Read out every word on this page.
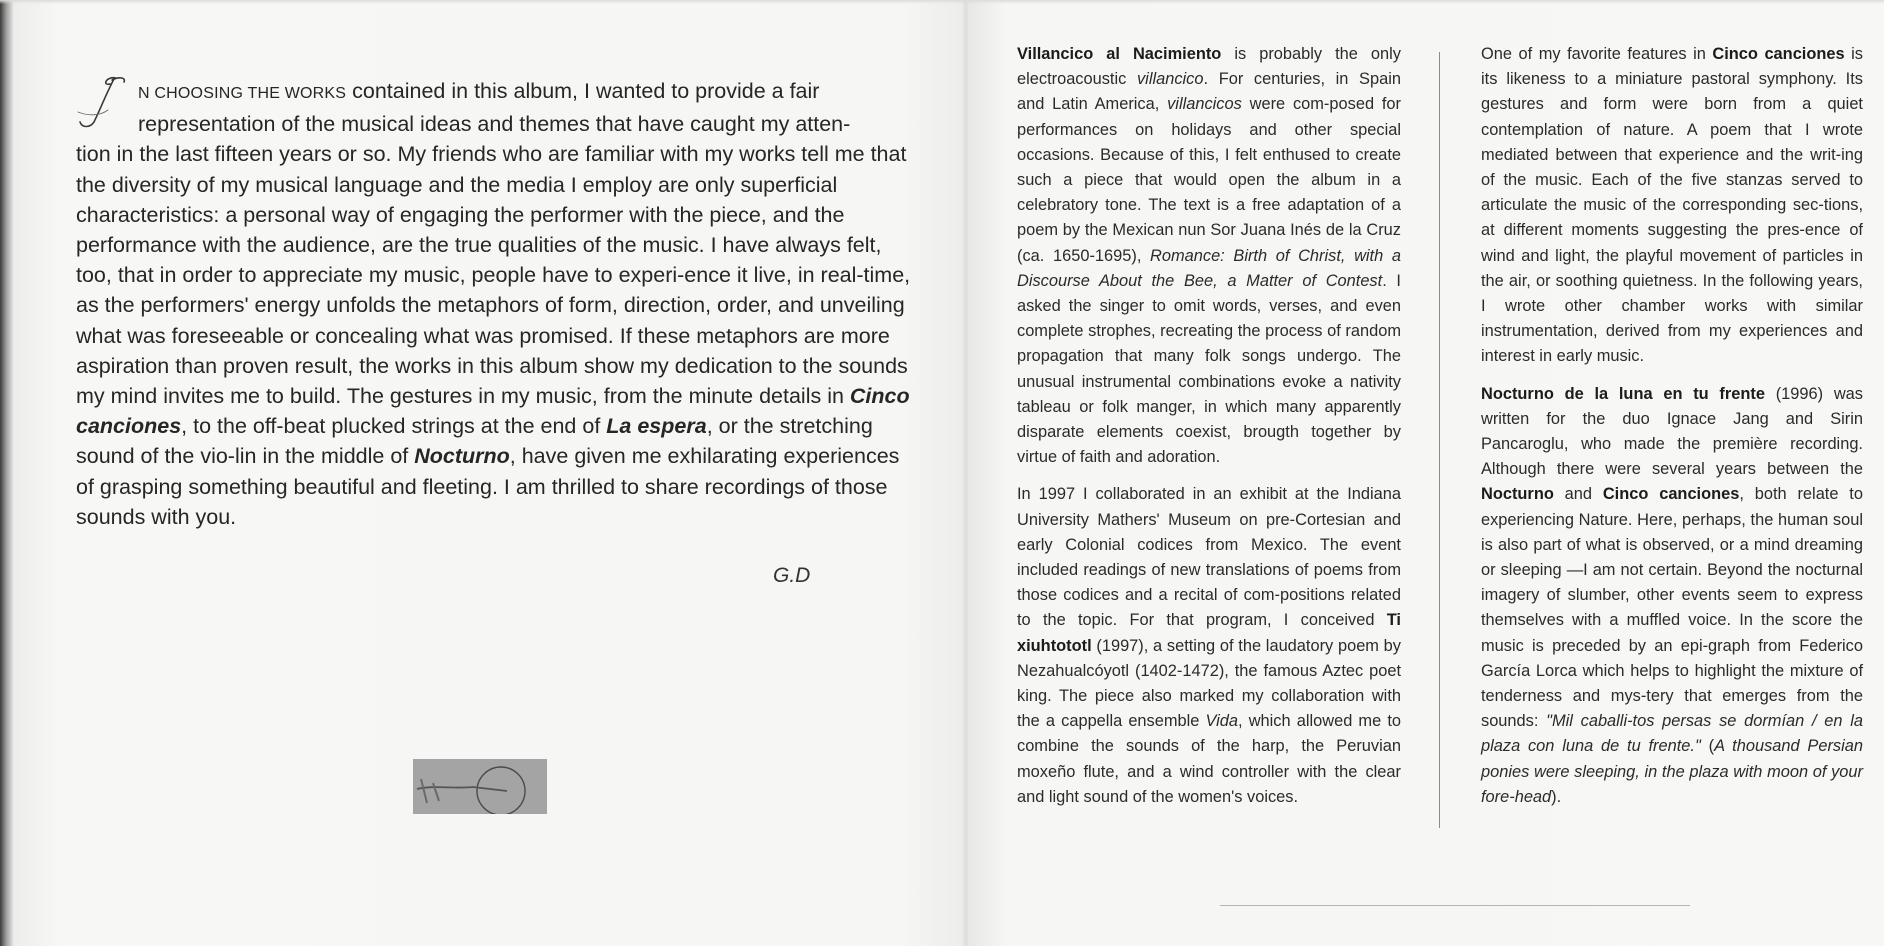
N CHOOSING THE WORKS contained in this album, I wanted to provide a fair
representation of the musical ideas and themes that have caught my atten-
tion in the last fifteen years or so. My friends who are familiar with my works tell me that the diversity of my musical language and the media I employ are only superficial characteristics: a personal way of engaging the performer with the piece, and the performance with the audience, are the true qualities of the music. I have always felt, too, that in order to appreciate my music, people have to experi-ence it live, in real-time, as the performers' energy unfolds the metaphors of form, direction, order, and unveiling what was foreseeable or concealing what was promised. If these metaphors are more aspiration than proven result, the works in this album show my dedication to the sounds my mind invites me to build. The gestures in my music, from the minute details in Cinco canciones, to the off-beat plucked strings at the end of La espera, or the stretching sound of the vio-lin in the middle of Nocturno, have given me exhilarating experiences of grasping something beautiful and fleeting. I am thrilled to share recordings of those sounds with you.
G.D

Villancico al Nacimiento is probably the only electroacoustic villancico. For centuries, in Spain and Latin America, villancicos were com-posed for performances on holidays and other special occasions. Because of this, I felt enthused to create such a piece that would open the album in a celebratory tone. The text is a free adaptation of a poem by the Mexican nun Sor Juana Inés de la Cruz (ca. 1650-1695), Romance: Birth of Christ, with a Discourse About the Bee, a Matter of Contest. I asked the singer to omit words, verses, and even complete strophes, recreating the process of random propagation that many folk songs undergo. The unusual instrumental combinations evoke a nativity tableau or folk manger, in which many apparently disparate elements coexist, brougth together by virtue of faith and adoration.

In 1997 I collaborated in an exhibit at the Indiana University Mathers' Museum on pre-Cortesian and early Colonial codices from Mexico. The event included readings of new translations of poems from those codices and a recital of com-positions related to the topic. For that program, I conceived Ti xiuhtototl (1997), a setting of the laudatory poem by Nezahualcóyotl (1402-1472), the famous Aztec poet king. The piece also marked my collaboration with the a cappella ensemble Vida, which allowed me to combine the sounds of the harp, the Peruvian moxeño flute, and a wind controller with the clear and light sound of the women's voices.

One of my favorite features in Cinco canciones is its likeness to a miniature pastoral symphony. Its gestures and form were born from a quiet contemplation of nature. A poem that I wrote mediated between that experience and the writ-ing of the music. Each of the five stanzas served to articulate the music of the corresponding sec-tions, at different moments suggesting the pres-ence of wind and light, the playful movement of particles in the air, or soothing quietness. In the following years, I wrote other chamber works with similar instrumentation, derived from my experiences and interest in early music.

Nocturno de la luna en tu frente (1996) was written for the duo Ignace Jang and Sirin Pancaroglu, who made the première recording. Although there were several years between the Nocturno and Cinco canciones, both relate to experiencing Nature. Here, perhaps, the human soul is also part of what is observed, or a mind dreaming or sleeping —I am not certain. Beyond the nocturnal imagery of slumber, other events seem to express themselves with a muffled voice. In the score the music is preceded by an epi-graph from Federico García Lorca which helps to highlight the mixture of tenderness and mys-tery that emerges from the sounds: "Mil caballi-tos persas se dormían / en la plaza con luna de tu frente." (A thousand Persian ponies were sleeping, in the plaza with moon of your fore-head).
